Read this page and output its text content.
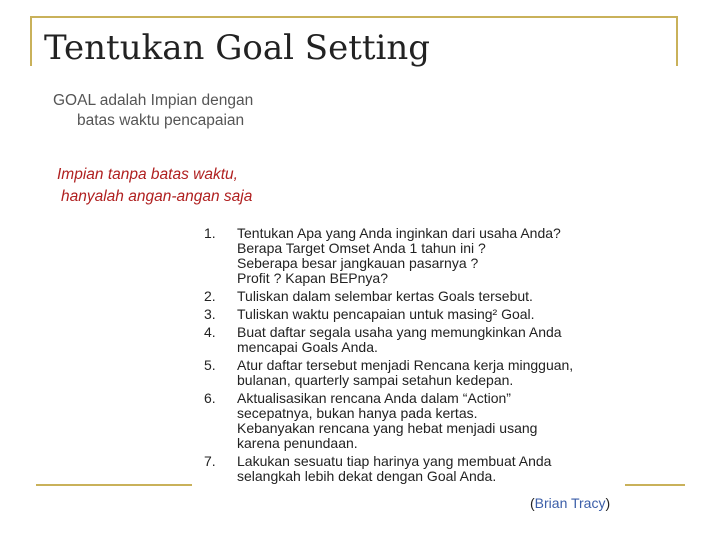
Tentukan Goal Setting
GOAL adalah Impian dengan
batas waktu pencapaian
Impian tanpa batas waktu,
hanyalah angan-angan saja
1.	Tentukan Apa yang Anda inginkan dari usaha Anda?
Berapa Target Omset Anda 1 tahun ini ?
Seberapa besar jangkauan pasarnya ?
Profit ? Kapan BEPnya?
2.	Tuliskan dalam selembar kertas Goals tersebut.
3.	Tuliskan waktu pencapaian untuk masing² Goal.
4.	Buat daftar segala usaha yang memungkinkan Anda
mencapai Goals Anda.
5.	Atur daftar tersebut menjadi Rencana kerja mingguan,
bulanan, quarterly sampai setahun kedepan.
6.	Aktualisasikan rencana Anda dalam “Action”
secepatnya, bukan hanya pada kertas.
Kebanyakan rencana yang hebat menjadi usang
karena penundaan.
7.	Lakukan sesuatu tiap harinya yang membuat Anda
selangkah lebih dekat dengan Goal Anda.
(Brian Tracy)
